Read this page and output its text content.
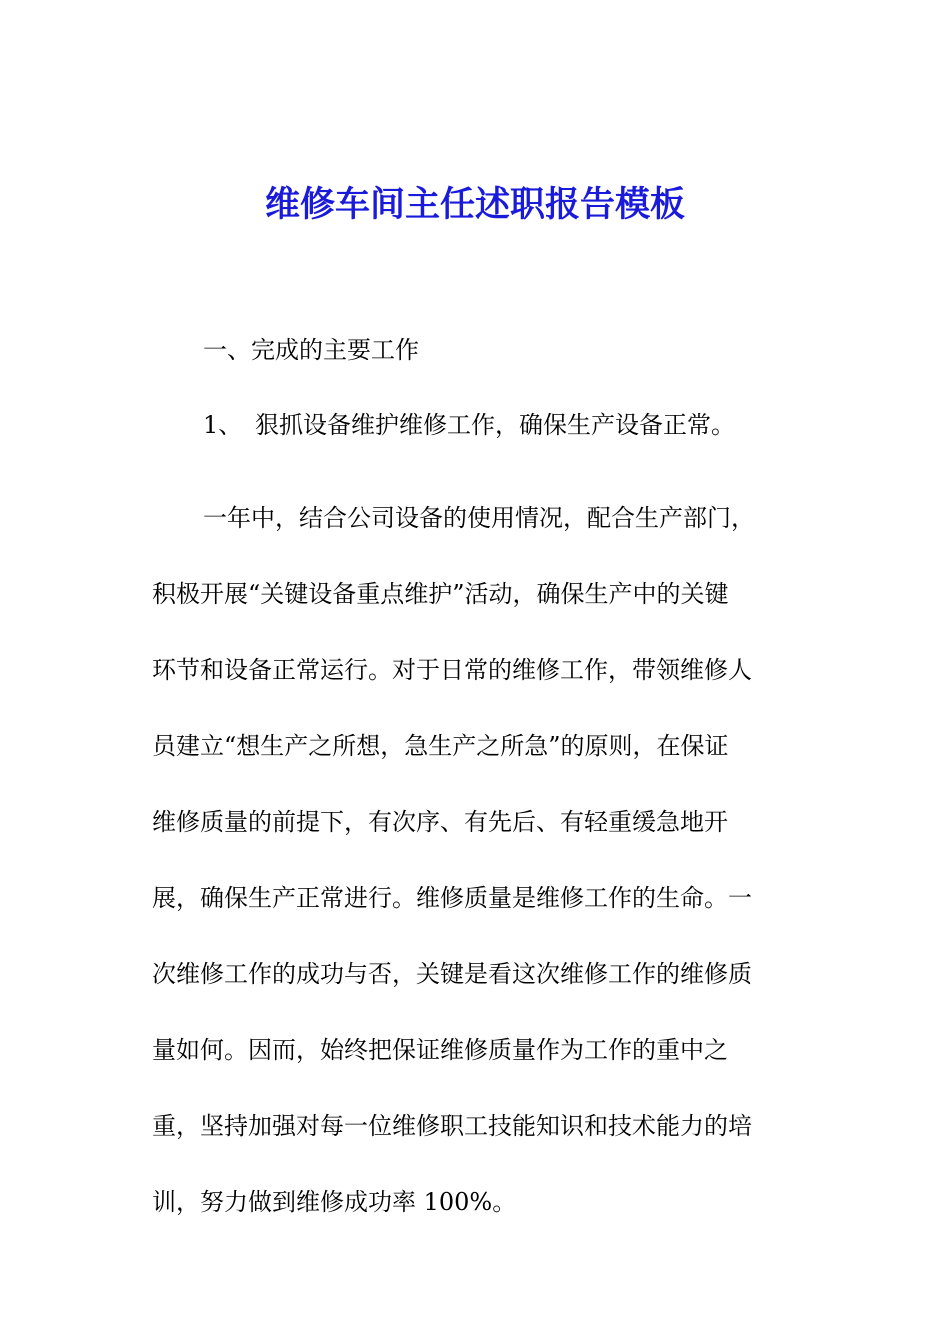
维修车间主任述职报告模板
一、完成的主要工作
1、 狠抓设备维护维修工作，确保生产设备正常。
一年中，结合公司设备的使用情况，配合生产部门，
积极开展“关键设备重点维护”活动，确保生产中的关键
环节和设备正常运行。对于日常的维修工作，带领维修人
员建立“想生产之所想，急生产之所急”的原则，在保证
维修质量的前提下，有次序、有先后、有轻重缓急地开
展，确保生产正常进行。维修质量是维修工作的生命。一
次维修工作的成功与否，关键是看这次维修工作的维修质
量如何。因而，始终把保证维修质量作为工作的重中之
重，坚持加强对每一位维修职工技能知识和技术能力的培
训，努力做到维修成功率 100%。
